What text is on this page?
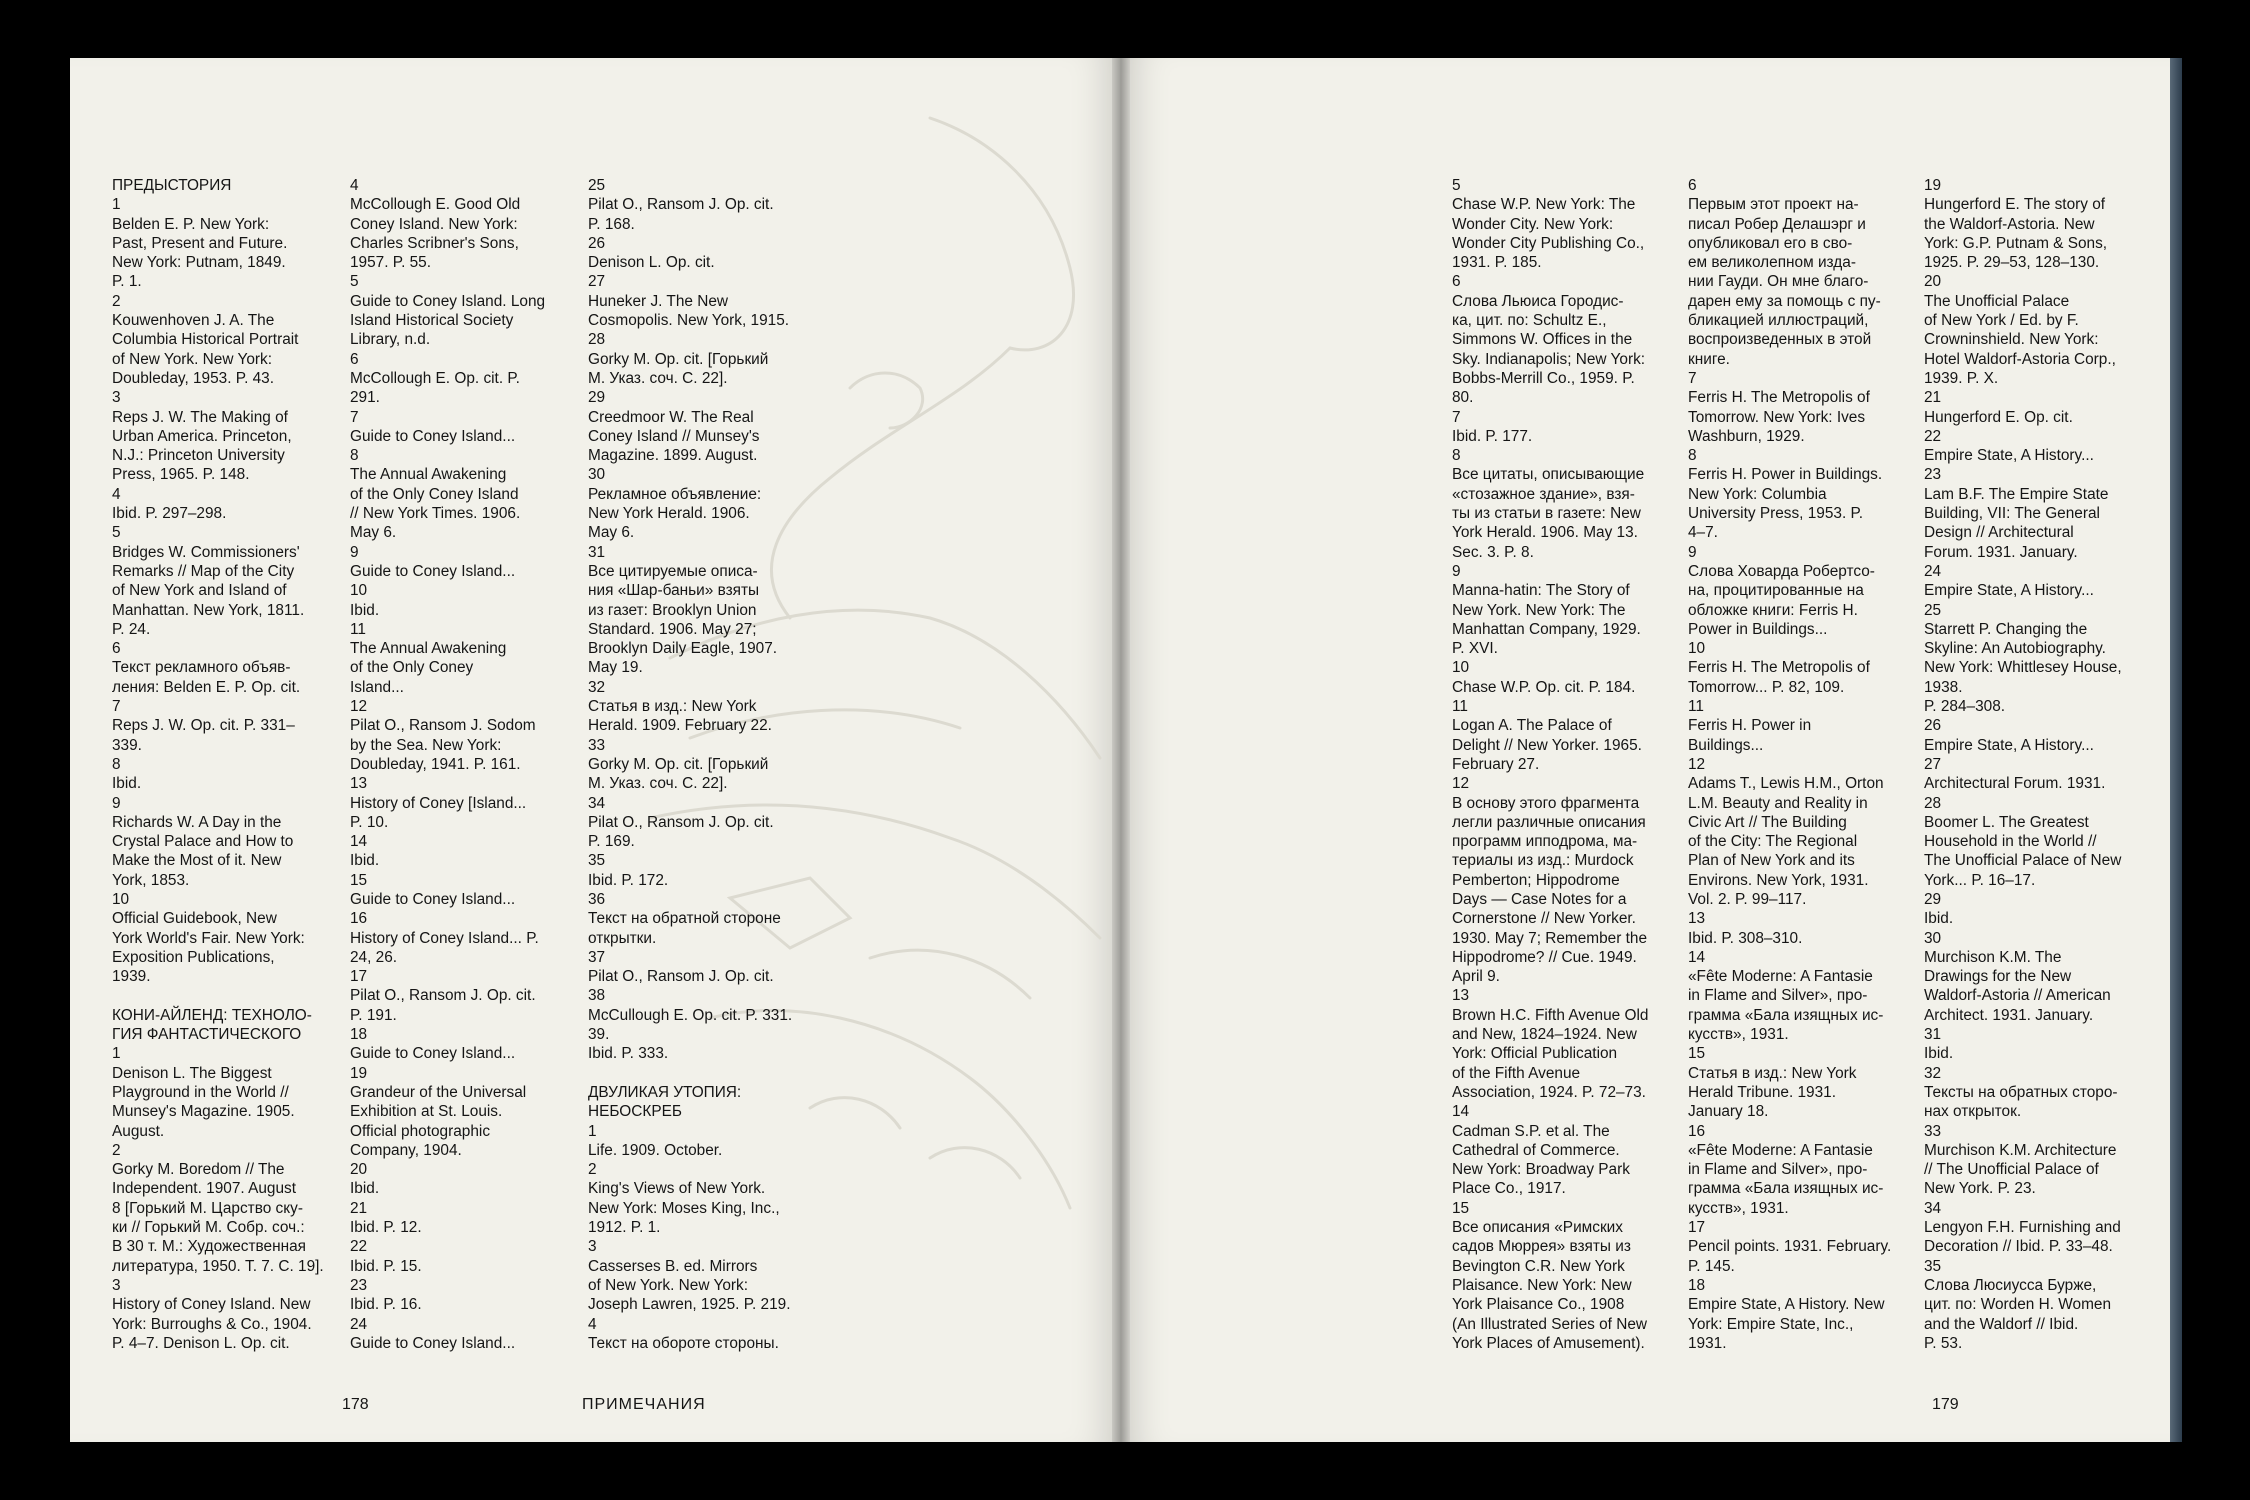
ПРЕДЫСТОРИЯ
1
Belden E. P. New York:
Past, Present and Future.
New York: Putnam, 1849.
P. 1.
2
Kouwenhoven J. A. The
Columbia Historical Portrait
of New York. New York:
Doubleday, 1953. P. 43.
3
Reps J. W. The Making of
Urban America. Princeton,
N.J.: Princeton University
Press, 1965. P. 148.
4
Ibid. P. 297–298.
5
Bridges W. Commissioners'
Remarks // Map of the City
of New York and Island of
Manhattan. New York, 1811.
P. 24.
6
Текст рекламного объяв-
ления: Belden E. P. Op. cit.
7
Reps J. W. Op. cit. P. 331–
339.
8
Ibid.
9
Richards W. A Day in the
Crystal Palace and How to
Make the Most of it. New
York, 1853.
10
Official Guidebook, New
York World's Fair. New York:
Exposition Publications,
1939.

КОНИ-АЙЛЕНД: ТЕХНОЛО-
ГИЯ ФАНТАСТИЧЕСКОГО
1
Denison L. The Biggest
Playground in the World //
Munsey's Magazine. 1905.
August.
2
Gorky M. Boredom // The
Independent. 1907. August
8 [Горький М. Царство ску-
ки // Горький М. Собр. соч.:
В 30 т. М.: Художественная
литература, 1950. Т. 7. С. 19].
3
History of Coney Island. New
York: Burroughs & Co., 1904.
P. 4–7. Denison L. Op. cit.
4
McCollough E. Good Old
Coney Island. New York:
Charles Scribner's Sons,
1957. P. 55.
5
Guide to Coney Island. Long
Island Historical Society
Library, n.d.
6
McCollough E. Op. cit. P.
291.
7
Guide to Coney Island...
8
The Annual Awakening
of the Only Coney Island
// New York Times. 1906.
May 6.
9
Guide to Coney Island...
10
Ibid.
11
The Annual Awakening
of the Only Coney
Island...
12
Pilat O., Ransom J. Sodom
by the Sea. New York:
Doubleday, 1941. P. 161.
13
History of Coney [Island...
P. 10.
14
Ibid.
15
Guide to Coney Island...
16
History of Coney Island... P.
24, 26.
17
Pilat O., Ransom J. Op. cit.
P. 191.
18
Guide to Coney Island...
19
Grandeur of the Universal
Exhibition at St. Louis.
Official photographic
Company, 1904.
20
Ibid.
21
Ibid. P. 12.
22
Ibid. P. 15.
23
Ibid. P. 16.
24
Guide to Coney Island...
25
Pilat O., Ransom J. Op. cit.
P. 168.
26
Denison L. Op. cit.
27
Huneker J. The New
Cosmopolis. New York, 1915.
28
Gorky M. Op. cit. [Горький
М. Указ. соч. С. 22].
29
Creedmoor W. The Real
Coney Island // Munsey's
Magazine. 1899. August.
30
Рекламное объявление:
New York Herald. 1906.
May 6.
31
Все цитируемые описа-
ния «Шар-баньи» взяты
из газет: Brooklyn Union
Standard. 1906. May 27;
Brooklyn Daily Eagle, 1907.
May 19.
32
Статья в изд.: New York
Herald. 1909. February 22.
33
Gorky M. Op. cit. [Горький
М. Указ. соч. С. 22].
34
Pilat O., Ransom J. Op. cit.
P. 169.
35
Ibid. P. 172.
36
Текст на обратной стороне
открытки.
37
Pilat O., Ransom J. Op. cit.
38
McCullough E. Op. cit. P. 331.
39.
Ibid. P. 333.

ДВУЛИКАЯ УТОПИЯ:
НЕБОСКРЕБ
1
Life. 1909. October.
2
King's Views of New York.
New York: Moses King, Inc.,
1912. P. 1.
3
Casserses B. ed. Mirrors
of New York. New York:
Joseph Lawren, 1925. P. 219.
4
Текст на обороте стороны.
178	ПРИМЕЧАНИЯ
5
Chase W.P. New York: The
Wonder City. New York:
Wonder City Publishing Co.,
1931. P. 185.
6
Слова Льюиса Городис-
ка, цит. по: Schultz E.,
Simmons W. Offices in the
Sky. Indianapolis; New York:
Bobbs-Merrill Co., 1959. P.
80.
7
Ibid. P. 177.
8
Все цитаты, описывающие
«стозажное здание», взя-
ты из статьи в газете: New
York Herald. 1906. May 13.
Sec. 3. P. 8.
9
Manna-hatin: The Story of
New York. New York: The
Manhattan Company, 1929.
P. XVI.
10
Chase W.P. Op. cit. P. 184.
11
Logan A. The Palace of
Delight // New Yorker. 1965.
February 27.
12
В основу этого фрагмента
легли различные описания
программ ипподрома, ма-
териалы из изд.: Murdock
Pemberton; Hippodrome
Days — Case Notes for a
Cornerstone // New Yorker.
1930. May 7; Remember the
Hippodrome? // Cue. 1949.
April 9.
13
Brown H.C. Fifth Avenue Old
and New, 1824–1924. New
York: Official Publication
of the Fifth Avenue
Association, 1924. P. 72–73.
14
Cadman S.P. et al. The
Cathedral of Commerce.
New York: Broadway Park
Place Co., 1917.
15
Все описания «Римских
садов Мюррея» взяты из
Bevington C.R. New York
Plaisance. New York: New
York Plaisance Co., 1908
(An Illustrated Series of New
York Places of Amusement).
6
Первым этот проект на-
писал Робер Делашэрг и
опубликовал его в сво-
ем великолепном изда-
нии Гауди. Он мне благо-
дарен ему за помощь с пу-
бликацией иллюстраций,
воспроизведенных в этой
книге.
7
Ferris H. The Metropolis of
Tomorrow. New York: Ives
Washburn, 1929.
8
Ferris H. Power in Buildings.
New York: Columbia
University Press, 1953. P.
4–7.
9
Слова Ховарда Робертсо-
на, процитированные на
обложке книги: Ferris H.
Power in Buildings...
10
Ferris H. The Metropolis of
Tomorrow... P. 82, 109.
11
Ferris H. Power in
Buildings...
12
Adams T., Lewis H.M., Orton
L.M. Beauty and Reality in
Civic Art // The Building
of the City: The Regional
Plan of New York and its
Environs. New York, 1931.
Vol. 2. P. 99–117.
13
Ibid. P. 308–310.
14
«Fête Moderne: A Fantasie
in Flame and Silver», про-
грамма «Бала изящных ис-
кусств», 1931.
15
Статья в изд.: New York
Herald Tribune. 1931.
January 18.
16
«Fête Moderne: A Fantasie
in Flame and Silver», про-
грамма «Бала изящных ис-
кусств», 1931.
17
Pencil points. 1931. February.
P. 145.
18
Empire State, A History. New
York: Empire State, Inc.,
1931.
19
Hungerford E. The story of
the Waldorf-Astoria. New
York: G.P. Putnam & Sons,
1925. P. 29–53, 128–130.
20
The Unofficial Palace
of New York / Ed. by F.
Crowninshield. New York:
Hotel Waldorf-Astoria Corp.,
1939. P. X.
21
Hungerford E. Op. cit.
22
Empire State, A History...
23
Lam B.F. The Empire State
Building, VII: The General
Design // Architectural
Forum. 1931. January.
24
Empire State, A History...
25
Starrett P. Changing the
Skyline: An Autobiography.
New York: Whittlesey House,
1938.
P. 284–308.
26
Empire State, A History...
27
Architectural Forum. 1931.
28
Boomer L. The Greatest
Household in the World //
The Unofficial Palace of New
York... P. 16–17.
29
Ibid.
30
Murchison K.M. The
Drawings for the New
Waldorf-Astoria // American
Architect. 1931. January.
31
Ibid.
32
Тексты на обратных сторо-
нах открыток.
33
Murchison K.M. Architecture
// The Unofficial Palace of
New York. P. 23.
34
Lengyon F.H. Furnishing and
Decoration // Ibid. P. 33–48.
35
Слова Люсиусса Бурже,
цит. по: Worden H. Women
and the Waldorf // Ibid.
P. 53.
179
